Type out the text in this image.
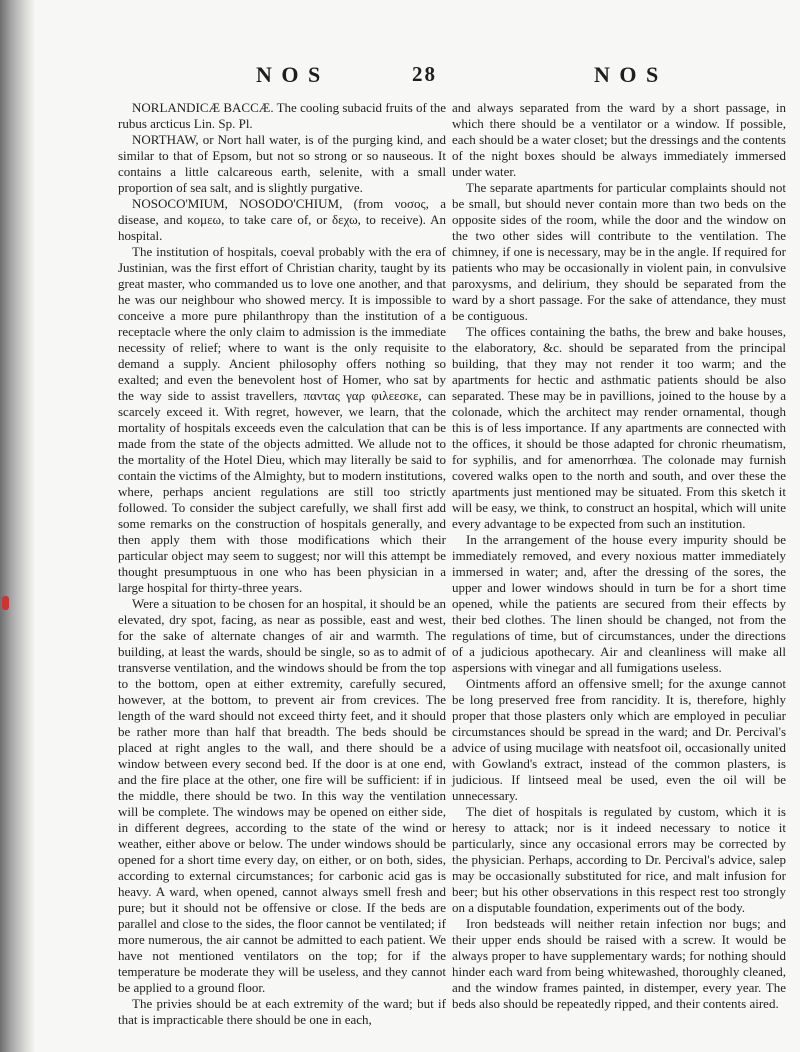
N O S	28	N O S

NORLANDICÆ BACCÆ. The cooling subacid fruits of the rubus arcticus Lin. Sp. Pl.

NORTHAW, or Nort hall water, is of the purging kind, and similar to that of Epsom, but not so strong or so nauseous. It contains a little calcareous earth, selenite, with a small proportion of sea salt, and is slightly purgative.

NOSOCO'MIUM, NOSODO'CHIUM, (from νοσος, a disease, and κομεω, to take care of, or δεχω, to receive). An hospital.

The institution of hospitals, coeval probably with the era of Justinian, was the first effort of Christian charity, taught by its great master, who commanded us to love one another, and that he was our neighbour who showed mercy. It is impossible to conceive a more pure philanthropy than the institution of a receptacle where the only claim to admission is the immediate necessity of relief; where to want is the only requisite to demand a supply. Ancient philosophy offers nothing so exalted; and even the benevolent host of Homer, who sat by the way side to assist travellers, παντας γαρ φιλεεσκε, can scarcely exceed it. With regret, however, we learn, that the mortality of hospitals exceeds even the calculation that can be made from the state of the objects admitted. We allude not to the mortality of the Hotel Dieu, which may literally be said to contain the victims of the Almighty, but to modern institutions, where, perhaps ancient regulations are still too strictly followed. To consider the subject carefully, we shall first add some remarks on the construction of hospitals generally, and then apply them with those modifications which their particular object may seem to suggest; nor will this attempt be thought presumptuous in one who has been physician in a large hospital for thirty-three years.

Were a situation to be chosen for an hospital, it should be an elevated, dry spot, facing, as near as possible, east and west, for the sake of alternate changes of air and warmth. The building, at least the wards, should be single, so as to admit of transverse ventilation, and the windows should be from the top to the bottom, open at either extremity, carefully secured, however, at the bottom, to prevent air from crevices. The length of the ward should not exceed thirty feet, and it should be rather more than half that breadth. The beds should be placed at right angles to the wall, and there should be a window between every second bed. If the door is at one end, and the fire place at the other, one fire will be sufficient: if in the middle, there should be two. In this way the ventilation will be complete. The windows may be opened on either side, in different degrees, according to the state of the wind or weather, either above or below. The under windows should be opened for a short time every day, on either, or on both, sides, according to external circumstances; for carbonic acid gas is heavy. A ward, when opened, cannot always smell fresh and pure; but it should not be offensive or close. If the beds are parallel and close to the sides, the floor cannot be ventilated; if more numerous, the air cannot be admitted to each patient. We have not mentioned ventilators on the top; for if the temperature be moderate they will be useless, and they cannot be applied to a ground floor.

The privies should be at each extremity of the ward; but if that is impracticable there should be one in each,

and always separated from the ward by a short passage, in which there should be a ventilator or a window. If possible, each should be a water closet; but the dressings and the contents of the night boxes should be always immediately immersed under water.

The separate apartments for particular complaints should not be small, but should never contain more than two beds on the opposite sides of the room, while the door and the window on the two other sides will contribute to the ventilation. The chimney, if one is necessary, may be in the angle. If required for patients who may be occasionally in violent pain, in convulsive paroxysms, and delirium, they should be separated from the ward by a short passage. For the sake of attendance, they must be contiguous.

The offices containing the baths, the brew and bake houses, the elaboratory, &c. should be separated from the principal building, that they may not render it too warm; and the apartments for hectic and asthmatic patients should be also separated. These may be in pavillions, joined to the house by a colonade, which the architect may render ornamental, though this is of less importance. If any apartments are connected with the offices, it should be those adapted for chronic rheumatism, for syphilis, and for amenorrhœa. The colonade may furnish covered walks open to the north and south, and over these the apartments just mentioned may be situated. From this sketch it will be easy, we think, to construct an hospital, which will unite every advantage to be expected from such an institution.

In the arrangement of the house every impurity should be immediately removed, and every noxious matter immediately immersed in water; and, after the dressing of the sores, the upper and lower windows should in turn be for a short time opened, while the patients are secured from their effects by their bed clothes. The linen should be changed, not from the regulations of time, but of circumstances, under the directions of a judicious apothecary. Air and cleanliness will make all aspersions with vinegar and all fumigations useless.

Ointments afford an offensive smell; for the axunge cannot be long preserved free from rancidity. It is, therefore, highly proper that those plasters only which are employed in peculiar circumstances should be spread in the ward; and Dr. Percival's advice of using mucilage with neatsfoot oil, occasionally united with Gowland's extract, instead of the common plasters, is judicious. If lintseed meal be used, even the oil will be unnecessary.

The diet of hospitals is regulated by custom, which it is heresy to attack; nor is it indeed necessary to notice it particularly, since any occasional errors may be corrected by the physician. Perhaps, according to Dr. Percival's advice, salep may be occasionally substituted for rice, and malt infusion for beer; but his other observations in this respect rest too strongly on a disputable foundation, experiments out of the body.

Iron bedsteads will neither retain infection nor bugs; and their upper ends should be raised with a screw. It would be always proper to have supplementary wards; for nothing should hinder each ward from being whitewashed, thoroughly cleaned, and the window frames painted, in distemper, every year. The beds also should be repeatedly ripped, and their contents aired.
